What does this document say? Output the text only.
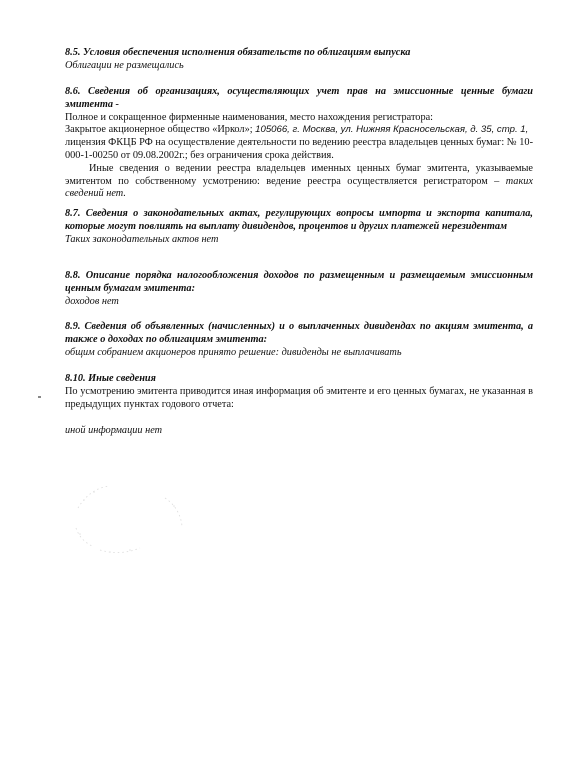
8.5. Условия обеспечения исполнения обязательств по облигациям выпуска
Облигации не размещались
8.6. Сведения об организациях, осуществляющих учет прав на эмиссионные ценные бумаги эмитента -
Полное и сокращенное фирменные наименования, место нахождения регистратора:
Закрытое акционерное общество «Иркол»; 105066, г. Москва, ул. Нижняя Красносельская, д. 35, стр. 1,
лицензия ФКЦБ РФ на осуществление деятельности по ведению реестра владельцев ценных бумаг: № 10-000-1-00250 от 09.08.2002г.; без ограничения срока действия.
Иные сведения о ведении реестра владельцев именных ценных бумаг эмитента, указываемые эмитентом по собственному усмотрению: ведение реестра осуществляется регистратором – таких сведений нет.
8.7. Сведения о законодательных актах, регулирующих вопросы импорта и экспорта капитала, которые могут повлиять на выплату дивидендов, процентов и других платежей нерезидентам
Таких законодательных актов нет
8.8. Описание порядка налогообложения доходов по размещенным и размещаемым эмиссионным ценным бумагам эмитента:
доходов нет
8.9. Сведения об объявленных (начисленных) и о выплаченных дивидендах по акциям эмитента, а также о доходах по облигациям эмитента:
общим собранием акционеров принято решение: дивиденды не выплачивать
8.10. Иные сведения
По усмотрению эмитента приводится иная информация об эмитенте и его ценных бумагах, не указанная в предыдущих пунктах годового отчета:
иной информации нет
